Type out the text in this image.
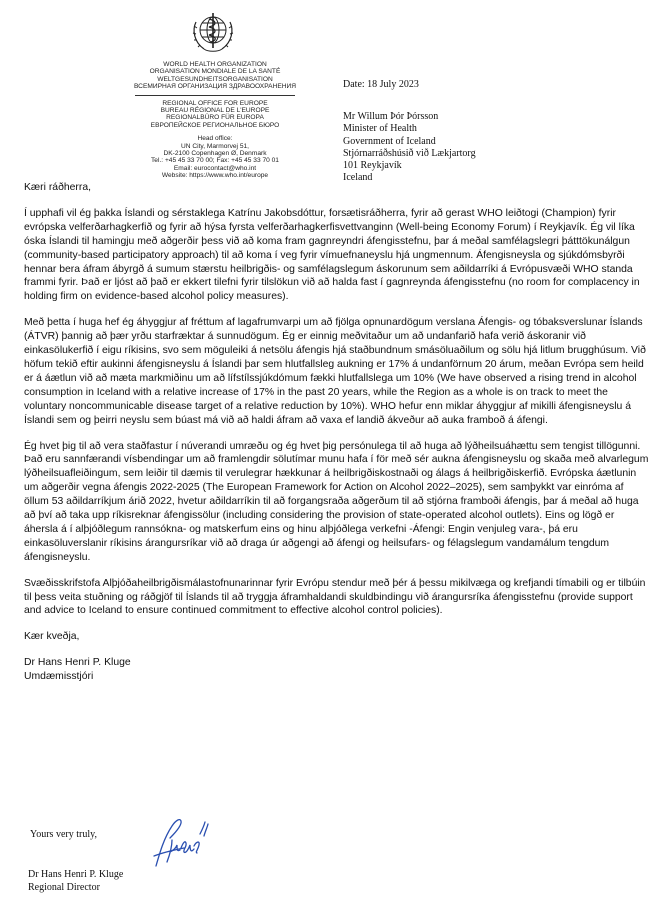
WORLD HEALTH ORGANIZATION
ORGANISATION MONDIALE DE LA SANTÉ
WELTGESUNDHEITSORGANISATION
ВСЕМИРНАЯ ОРГАНИЗАЦИЯ ЗДРАВООХРАНЕНИЯ
REGIONAL OFFICE FOR EUROPE
BUREAU RÉGIONAL DE L'EUROPE
REGIONALBÜRO FÜR EUROPA
ЕВРОПЕЙСКОЕ РЕГИОНАЛЬНОЕ БЮРО
Head office:
UN City, Marmorvej 51,
DK-2100 Copenhagen Ø, Denmark
Tel.: +45 45 33 70 00; Fax: +45 45 33 70 01
Email: eurocontact@who.int
Website: https://www.who.int/europe
Date: 18 July 2023
Mr Willum Þór Þórsson
Minister of Health
Government of Iceland
Stjórnarráðshúsið við Lækjartorg
101 Reykjavík
Iceland

Kæri ráðherra,

Í upphafi vil ég þakka Íslandi og sérstaklega Katrínu Jakobsdóttur, forsætisráðherra, fyrir að gerast WHO leiðtogi (Champion) fyrir evrópska velferðarhagkerfið og fyrir að hýsa fyrsta velferðarhagkerfisvettvanginn (Well-being Economy Forum) í Reykjavík. Ég vil líka óska Íslandi til hamingju með aðgerðir þess við að koma fram gagnreyndri áfengisstefnu, þar á meðal samfélagslegri þátttökunálgun (community-based participatory approach) til að koma í veg fyrir vímuefnaneyslu hjá ungmennum. Áfengisneysla og sjúkdómsbyrði hennar bera áfram ábyrgð á sumum stærstu heilbrigðis- og samfélagslegum áskorunum sem aðildarríki á Evrópusvæði WHO standa frammi fyrir. Það er ljóst að það er ekkert tilefni fyrir tilslökun við að halda fast í gagnreynda áfengisstefnu (no room for complacency in holding firm on evidence-based alcohol policy measures).

Með þetta í huga hef ég áhyggjur af fréttum af lagafrumvarpi um að fjölga opnunardögum verslana Áfengis- og tóbaksverslunar Íslands (ÁTVR) þannig að þær yrðu starfræktar á sunnudögum. Ég er einnig meðvitaður um að undanfarið hafa verið áskoranir við einkasölukerfið í eigu ríkisins, svo sem möguleiki á netsölu áfengis hjá staðbundnum smásöluaðilum og sölu hjá litlum brugghúsum. Við höfum tekið eftir aukinni áfengisneyslu á Íslandi þar sem hlutfallsleg aukning er 17% á undanförnum 20 árum, meðan Evrópa sem heild er á áætlun við að mæta markmiðinu um að lífstílssjúkdómum fækki hlutfallslega um 10% (We have observed a rising trend in alcohol consumption in Iceland with a relative increase of 17% in the past 20 years, while the Region as a whole is on track to meet the voluntary noncommunicable disease target of a relative reduction by 10%). WHO hefur enn miklar áhyggjur af mikilli áfengisneyslu á Íslandi sem og þeirri neyslu sem búast má við að haldi áfram að vaxa ef landið ákveður að auka framboð á áfengi.

Ég hvet þig til að vera staðfastur í núverandi umræðu og ég hvet þig persónulega til að huga að lýðheilsuáhættu sem tengist tillögunni. Það eru sannfærandi vísbendingar um að framlengdir sölutímar munu hafa í för með sér aukna áfengisneyslu og skaða með alvarlegum lýðheilsuafleiðingum, sem leiðir til dæmis til verulegrar hækkunar á heilbrigðiskostnaði og álags á heilbrigðiskerfið. Evrópska áætlunin um aðgerðir vegna áfengis 2022-2025 (The European Framework for Action on Alcohol 2022–2025), sem samþykkt var einróma af öllum 53 aðildarríkjum árið 2022, hvetur aðildarríkin til að forgangsraða aðgerðum til að stjórna framboði áfengis, þar á meðal að huga að því að taka upp ríkisreknar áfengissölur (including considering the provision of state-operated alcohol outlets). Eins og lögð er áhersla á í alþjóðlegum rannsókna- og matskerfum eins og hinu alþjóðlega verkefni -Áfengi: Engin venjuleg vara-, þá eru einkasöluverslanir ríkisins árangursríkar við að draga úr aðgengi að áfengi og heilsufars- og félagslegum vandamálum tengdum áfengisneyslu.

Svæðisskrifstofa Alþjóðaheilbrigðismálastofnunarinnar fyrir Evrópu stendur með þér á þessu mikilvæga og krefjandi tímabili og er tilbúin til þess veita stuðning og ráðgjöf til Íslands til að tryggja áframhaldandi skuldbindingu við árangursríka áfengisstefnu (provide support and advice to Iceland to ensure continued commitment to effective alcohol control policies).

Kær kveðja,

Dr Hans Henri P. Kluge
Umdæmisstjóri
Yours very truly,
Dr Hans Henri P. Kluge
Regional Director
